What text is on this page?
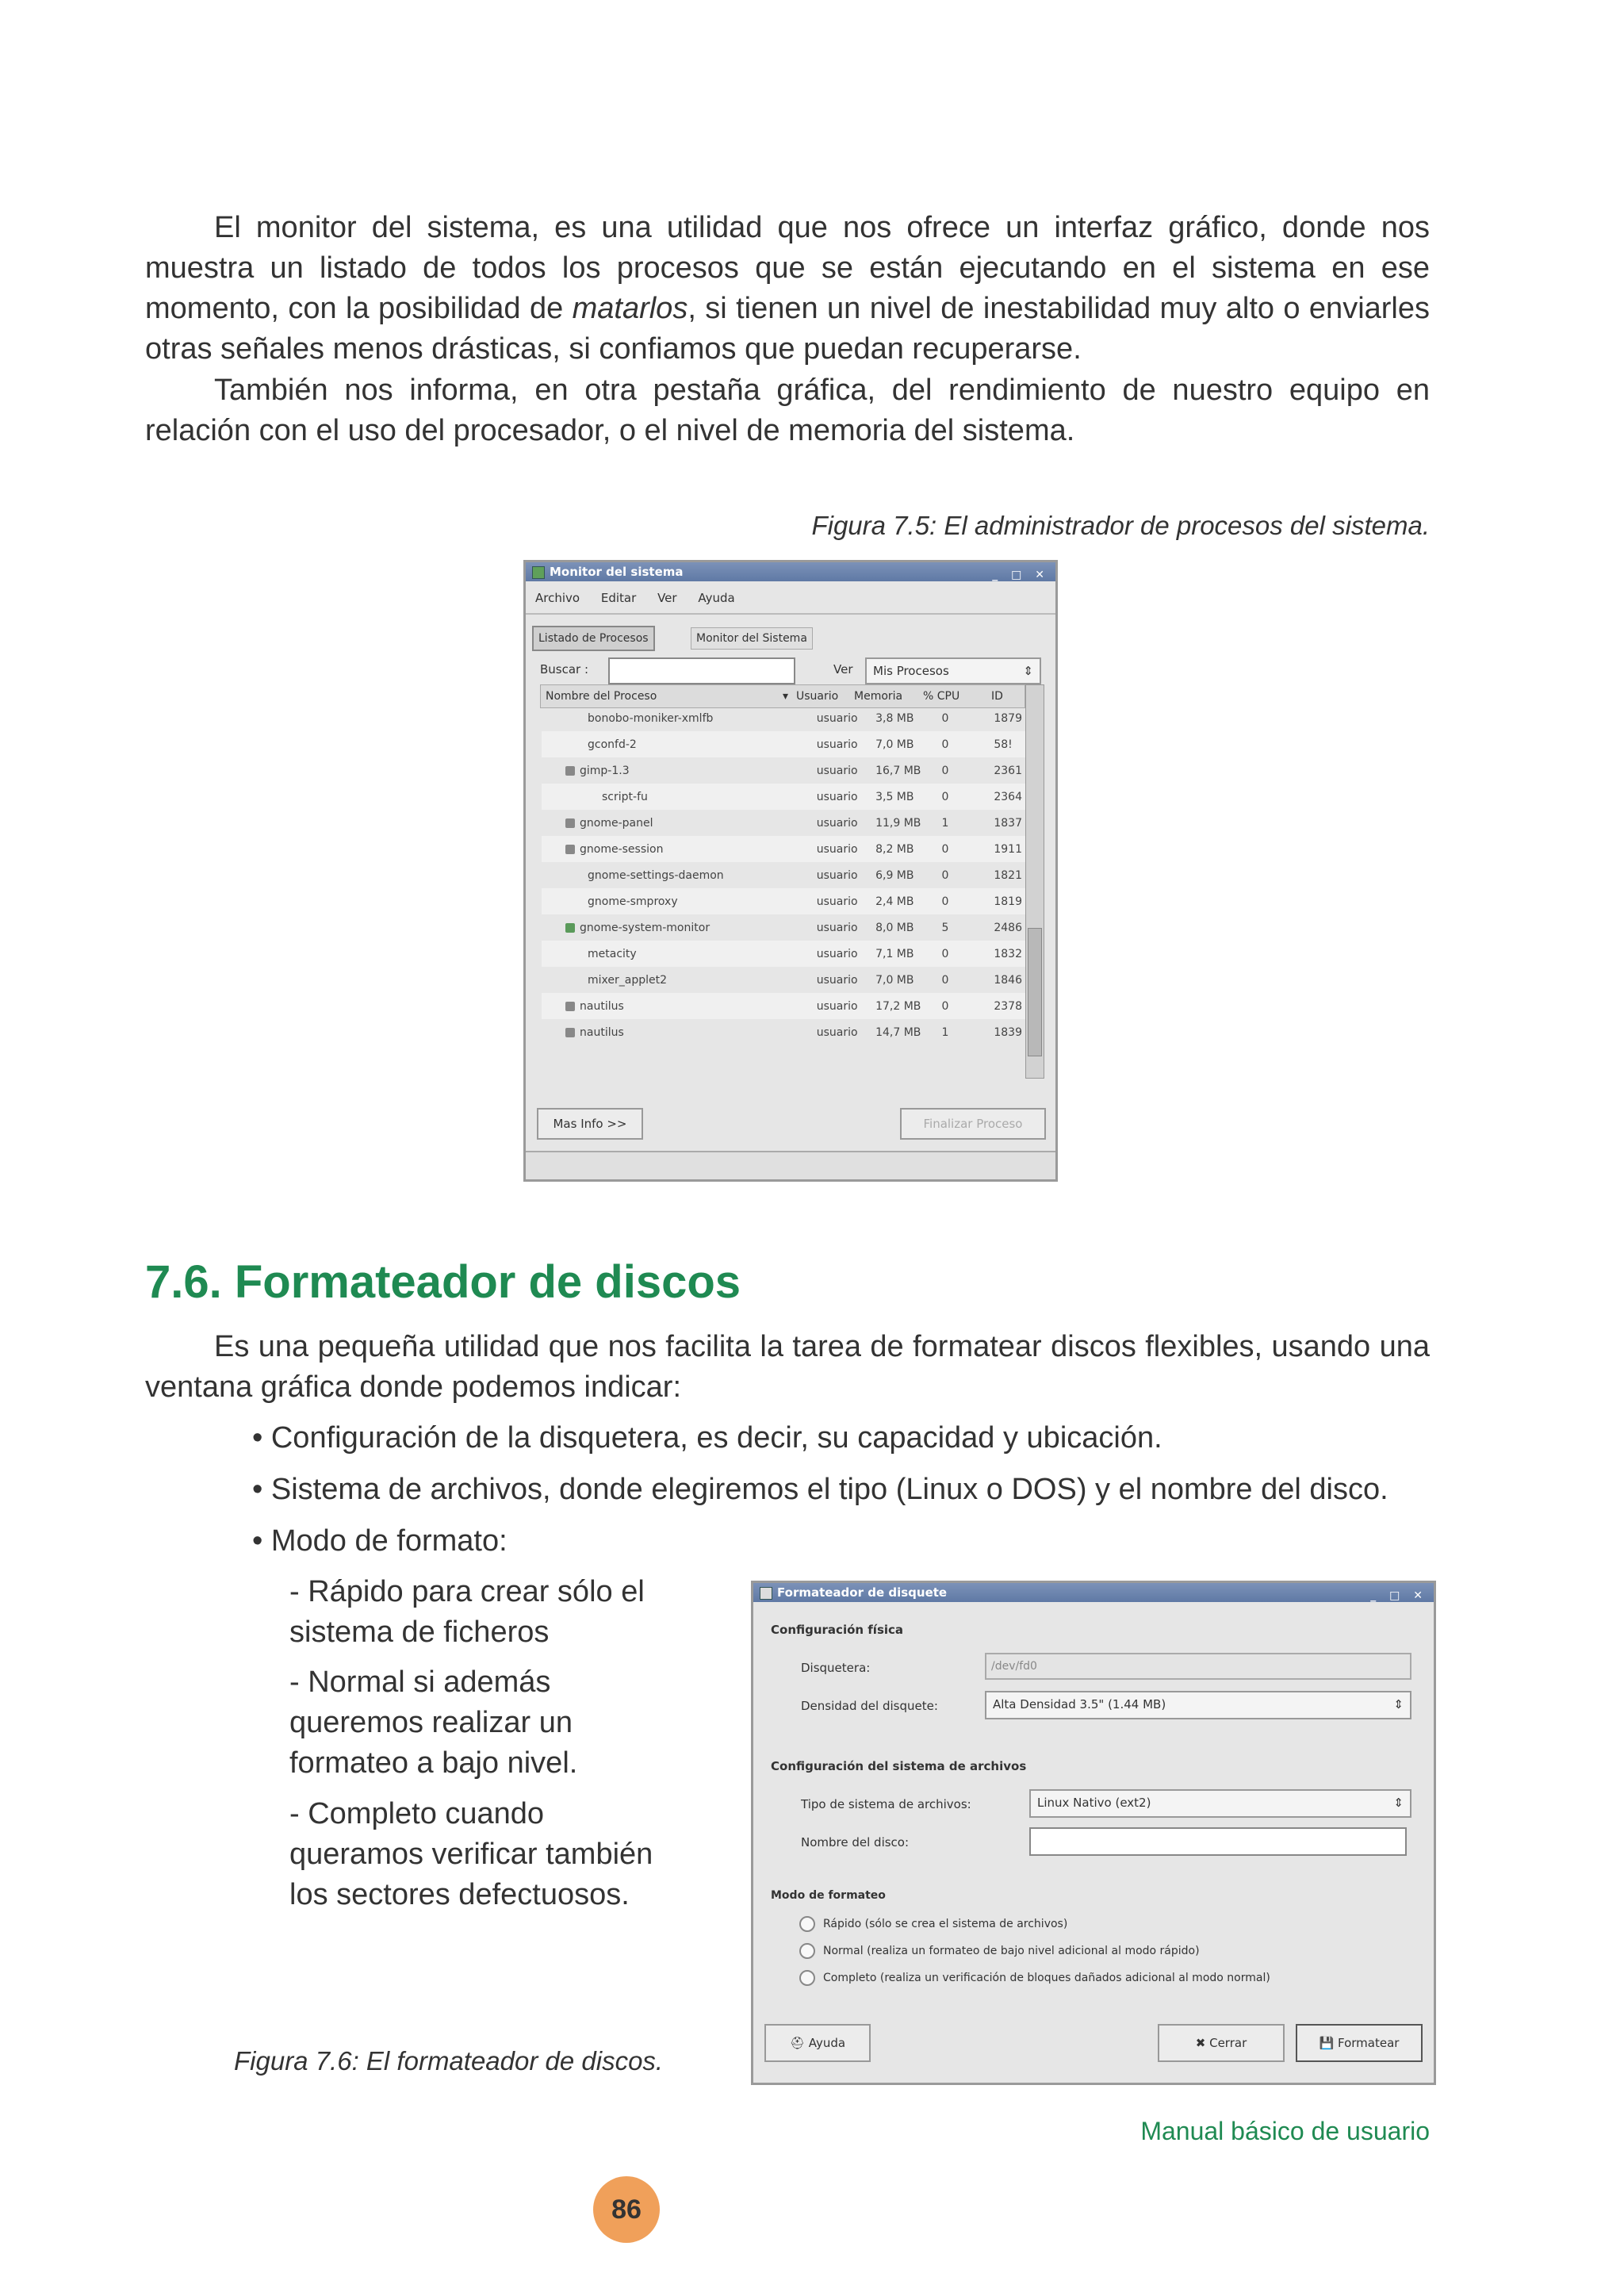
El monitor del sistema, es una utilidad que nos ofrece un interfaz gráfico, donde nos muestra un listado de todos los procesos que se están ejecutando en el sistema en ese momento, con la posibilidad de matarlos, si tienen un nivel de inestabilidad muy alto o enviarles otras señales menos drásticas, si confiamos que puedan recuperarse.

También nos informa, en otra pestaña gráfica, del rendimiento de nuestro equipo en relación con el uso del procesador, o el nivel de memoria del sistema.

Figura 7.5: El administrador de procesos del sistema.
Monitor del sistema	_ □ ✕
Archivo Editar Ver Ayuda
Listado de Procesos	Monitor del Sistema
Buscar :	Ver	Mis Procesos	⇕
Nombre del Proceso	▾ Usuario Memoria % CPU	ID
bonobo-moniker-xmlfb	usuario	3,8 MB	0	1879
gconfd-2	usuario	7,0 MB	0	58!
gimp-1.3	usuario	16,7 MB	0	2361
script-fu	usuario	3,5 MB	0	2364
gnome-panel	usuario	11,9 MB	1	1837
gnome-session	usuario	8,2 MB	0	1911
gnome-settings-daemon	usuario	6,9 MB	0	1821
gnome-smproxy	usuario	2,4 MB	0	1819
gnome-system-monitor	usuario	8,0 MB	5	2486
metacity	usuario	7,1 MB	0	1832
mixer_applet2	usuario	7,0 MB	0	1846
nautilus	usuario	17,2 MB	0	2378
nautilus	usuario	14,7 MB	1	1839
Mas Info >>	Finalizar Proceso
7.6. Formateador de discos

Es una pequeña utilidad que nos facilita la tarea de formatear discos flexibles, usando una ventana gráfica donde podemos indicar:

• Configuración de la disquetera, es decir, su capacidad y ubicación.
• Sistema de archivos, donde elegiremos el tipo (Linux o DOS) y el nombre del disco.
• Modo de formato:
- Rápido para crear sólo el sistema de ficheros
- Normal si además queremos realizar un formateo a bajo nivel.
- Completo cuando queramos verificar también los sectores defectuosos.
Figura 7.6: El formateador de discos.
Formateador de disquete	_ □ ✕
Configuración física
Disquetera:	/dev/fd0
Densidad del disquete:	Alta Densidad 3.5" (1.44 MB)	⇕
Configuración del sistema de archivos
Tipo de sistema de archivos:	Linux Nativo (ext2)	⇕
Nombre del disco:
Modo de formateo
Rápido (sólo se crea el sistema de archivos)
Normal (realiza un formateo de bajo nivel adicional al modo rápido)
Completo (realiza un verificación de bloques dañados adicional al modo normal)
⛑ Ayuda	✖ Cerrar	💾 Formatear
Manual básico de usuario
86
